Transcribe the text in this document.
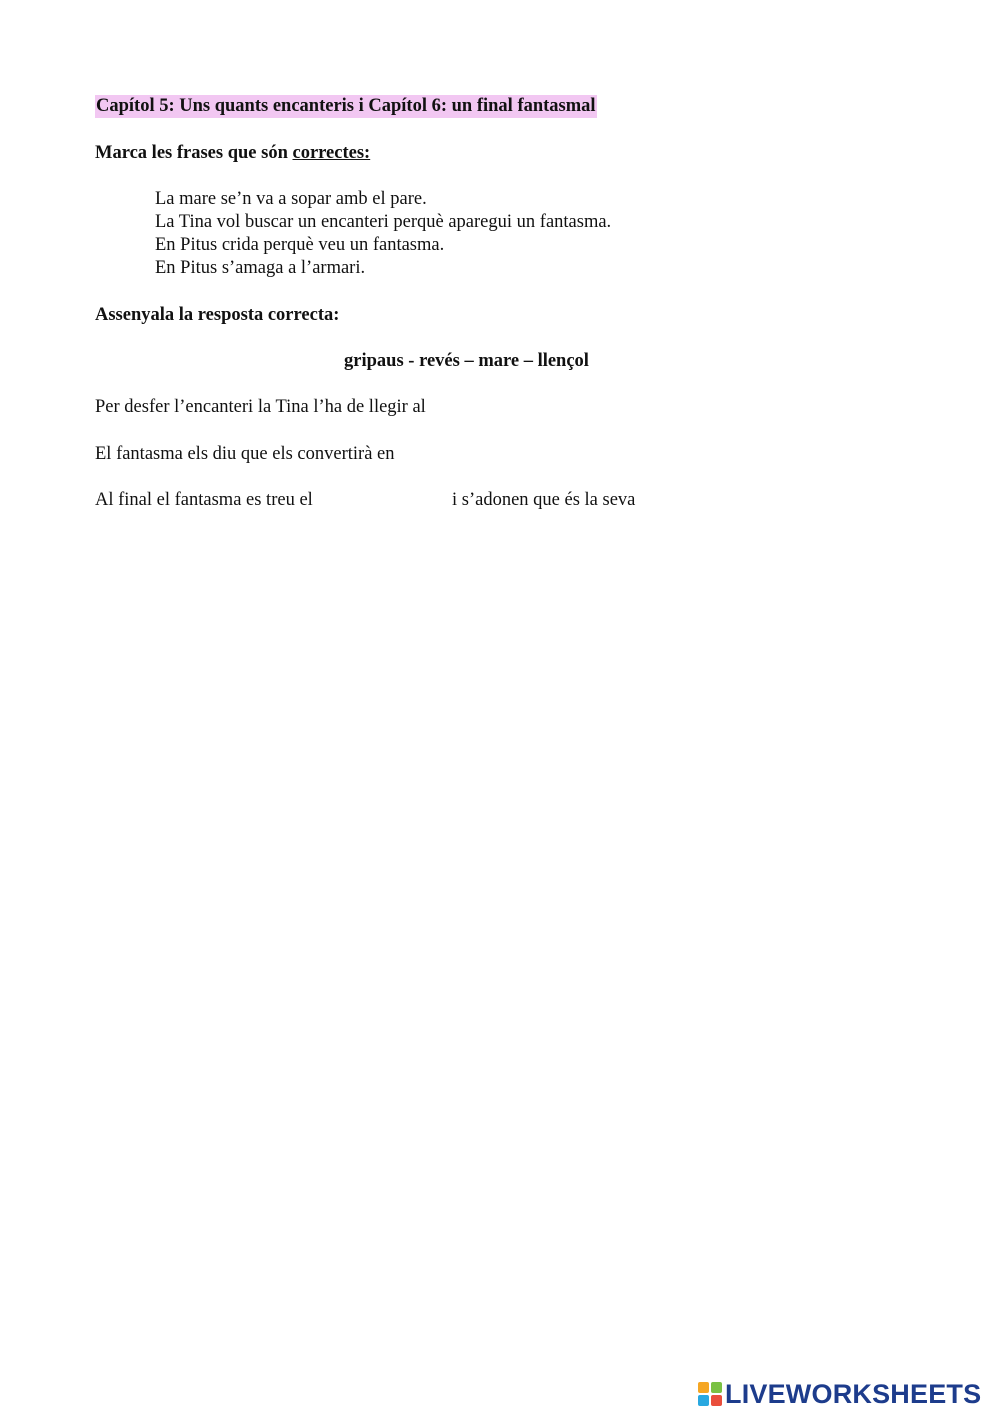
Capítol 5: Uns quants encanteris i Capítol 6: un final fantasmal
Marca les frases que són correctes:
La mare se’n va a sopar amb el pare.
La Tina vol buscar un encanteri perquè aparegui un fantasma.
En Pitus crida perquè veu un fantasma.
En Pitus s’amaga a l’armari.
Assenyala la resposta correcta:
gripaus - revés – mare – llençol
Per desfer l’encanteri la Tina l’ha de llegir al
El fantasma els diu que els convertirà en
Al final el fantasma es treu el	i s’adonen que és la seva
LIVEWORKSHEETS
